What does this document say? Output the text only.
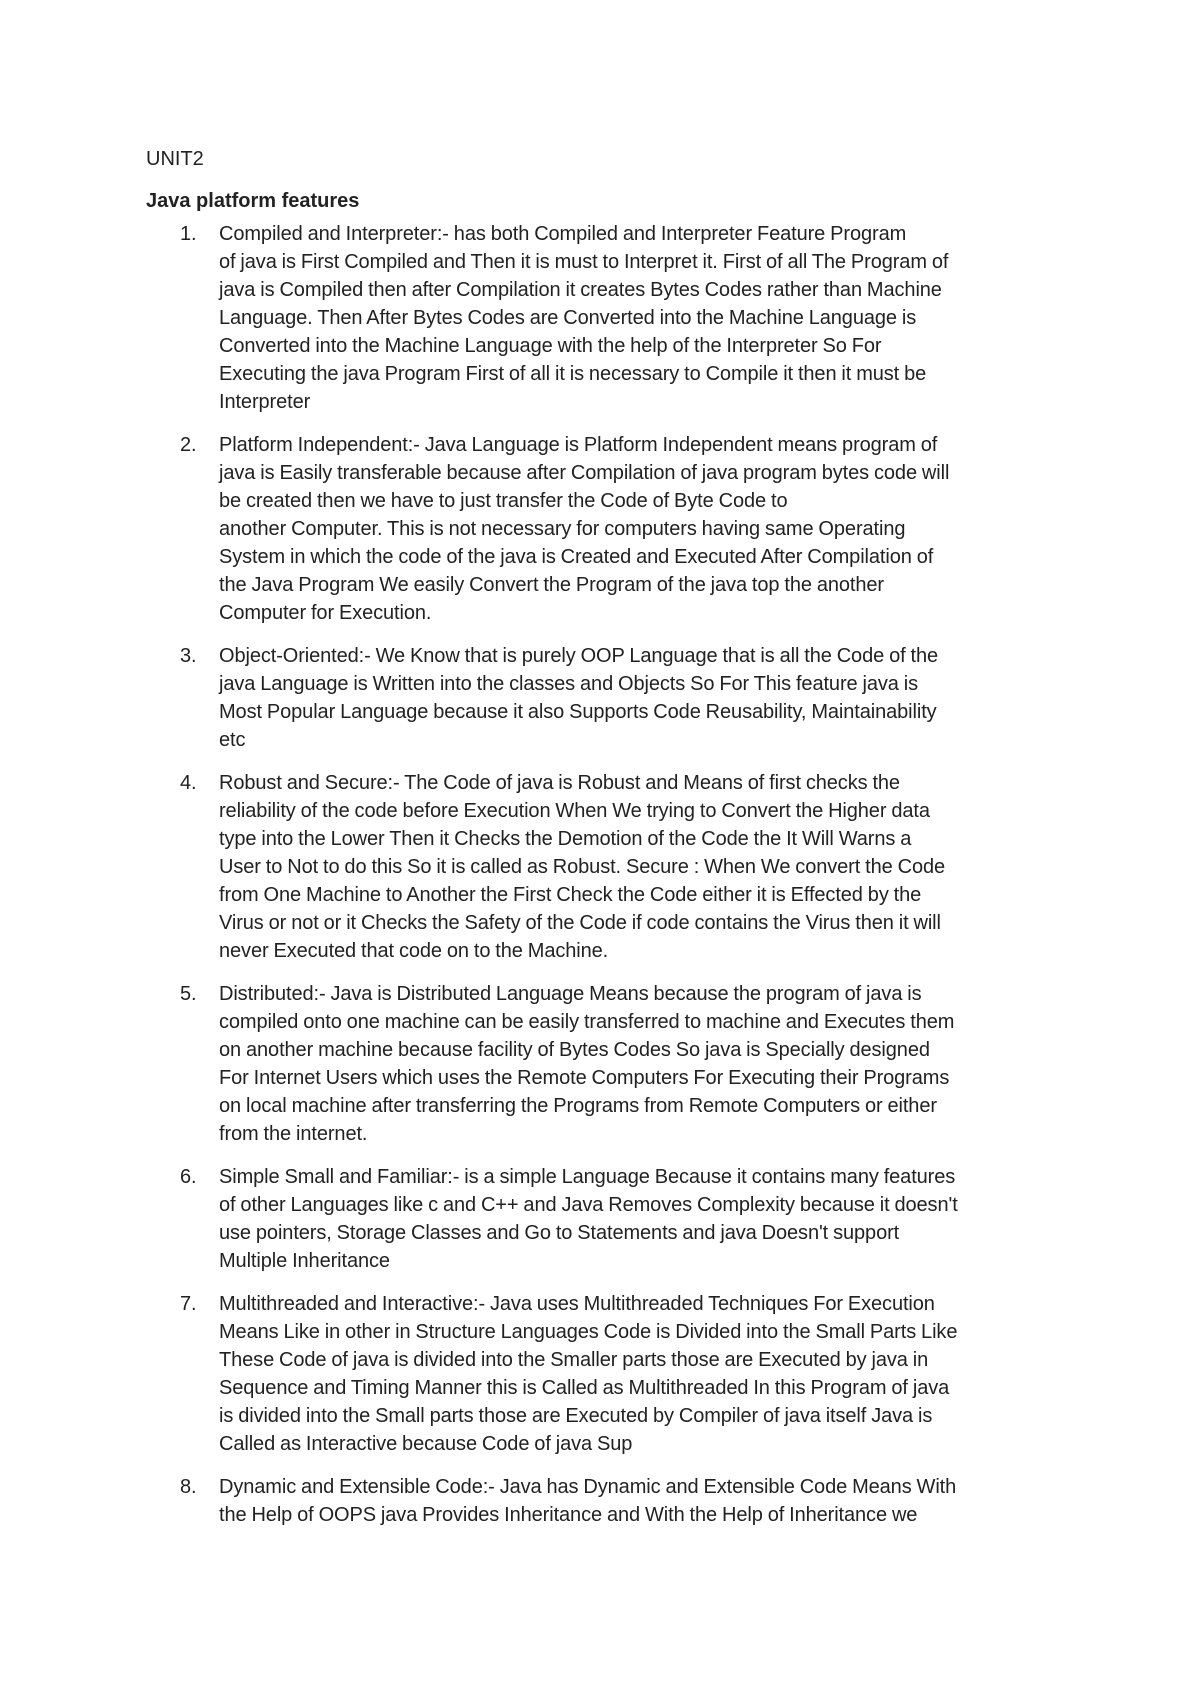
UNIT2
Java platform features
1. Compiled and Interpreter:- has both Compiled and Interpreter Feature Program
of java is First Compiled and Then it is must to Interpret it. First of all The Program of
java is Compiled then after Compilation it creates Bytes Codes rather than Machine
Language. Then After Bytes Codes are Converted into the Machine Language is
Converted into the Machine Language with the help of the Interpreter So For
Executing the java Program First of all it is necessary to Compile it then it must be
Interpreter
2. Platform Independent:- Java Language is Platform Independent means program of
java is Easily transferable because after Compilation of java program bytes code will
be created then we have to just transfer the Code of Byte Code to
another Computer. This is not necessary for computers having same Operating
System in which the code of the java is Created and Executed After Compilation of
the Java Program We easily Convert the Program of the java top the another
Computer for Execution.
3. Object-Oriented:- We Know that is purely OOP Language that is all the Code of the
java Language is Written into the classes and Objects So For This feature java is
Most Popular Language because it also Supports Code Reusability, Maintainability
etc
4. Robust and Secure:- The Code of java is Robust and Means of first checks the
reliability of the code before Execution When We trying to Convert the Higher data
type into the Lower Then it Checks the Demotion of the Code the It Will Warns a
User to Not to do this So it is called as Robust. Secure : When We convert the Code
from One Machine to Another the First Check the Code either it is Effected by the
Virus or not or it Checks the Safety of the Code if code contains the Virus then it will
never Executed that code on to the Machine.
5. Distributed:- Java is Distributed Language Means because the program of java is
compiled onto one machine can be easily transferred to machine and Executes them
on another machine because facility of Bytes Codes So java is Specially designed
For Internet Users which uses the Remote Computers For Executing their Programs
on local machine after transferring the Programs from Remote Computers or either
from the internet.
6. Simple Small and Familiar:- is a simple Language Because it contains many features
of other Languages like c and C++ and Java Removes Complexity because it doesn't
use pointers, Storage Classes and Go to Statements and java Doesn't support
Multiple Inheritance
7. Multithreaded and Interactive:- Java uses Multithreaded Techniques For Execution
Means Like in other in Structure Languages Code is Divided into the Small Parts Like
These Code of java is divided into the Smaller parts those are Executed by java in
Sequence and Timing Manner this is Called as Multithreaded In this Program of java
is divided into the Small parts those are Executed by Compiler of java itself Java is
Called as Interactive because Code of java Sup
8. Dynamic and Extensible Code:- Java has Dynamic and Extensible Code Means With
the Help of OOPS java Provides Inheritance and With the Help of Inheritance we
